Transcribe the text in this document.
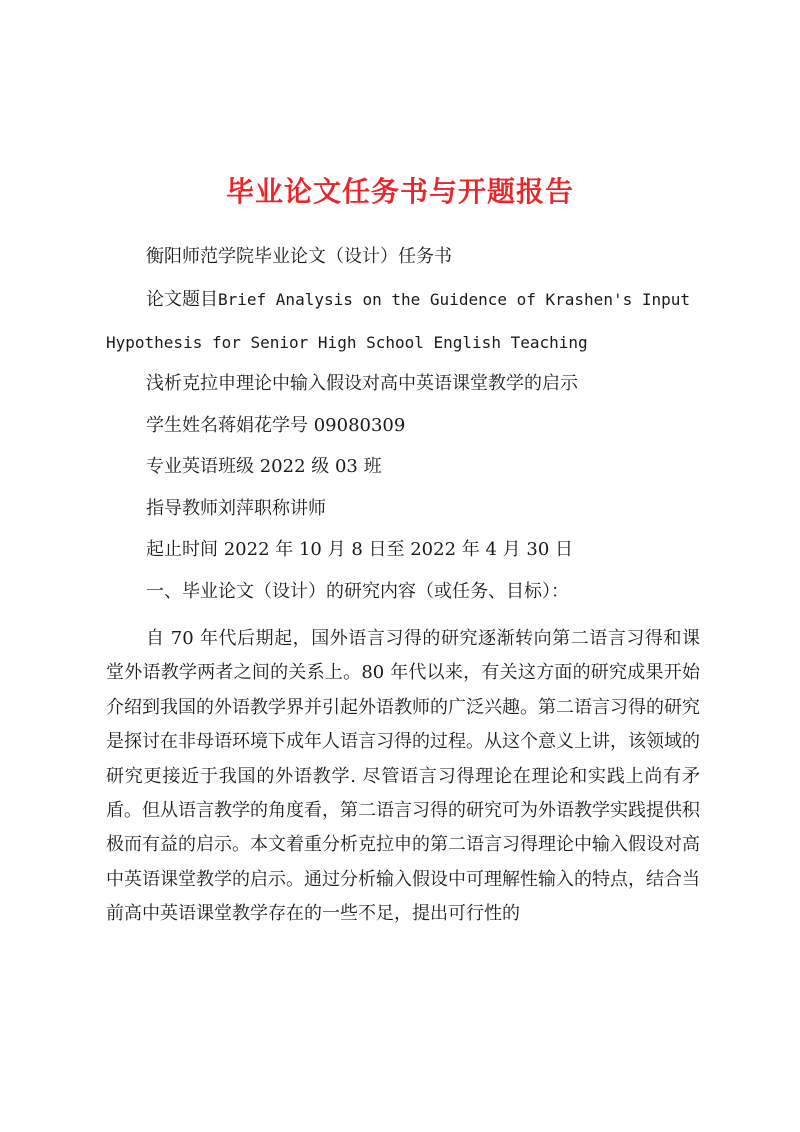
毕业论文任务书与开题报告
衡阳师范学院毕业论文（设计）任务书
论文题目Brief Analysis on the Guidence of Krashen's Input
Hypothesis for Senior High School English Teaching
浅析克拉申理论中输入假设对高中英语课堂教学的启示
学生姓名蒋娟花学号 09080309
专业英语班级 2022 级 03 班
指导教师刘萍职称讲师
起止时间 2022 年 10 月 8 日至 2022 年 4 月 30 日
一、毕业论文（设计）的研究内容（或任务、目标）：
自 70 年代后期起，国外语言习得的研究逐渐转向第二语言习得和课堂外语教学两者之间的关系上。80 年代以来，有关这方面的研究成果开始介绍到我国的外语教学界并引起外语教师的广泛兴趣。第二语言习得的研究是探讨在非母语环境下成年人语言习得的过程。从这个意义上讲，该领域的研究更接近于我国的外语教学. 尽管语言习得理论在理论和实践上尚有矛盾。但从语言教学的角度看，第二语言习得的研究可为外语教学实践提供积极而有益的启示。本文着重分析克拉申的第二语言习得理论中输入假设对高中英语课堂教学的启示。通过分析输入假设中可理解性输入的特点，结合当前高中英语课堂教学存在的一些不足，提出可行性的
